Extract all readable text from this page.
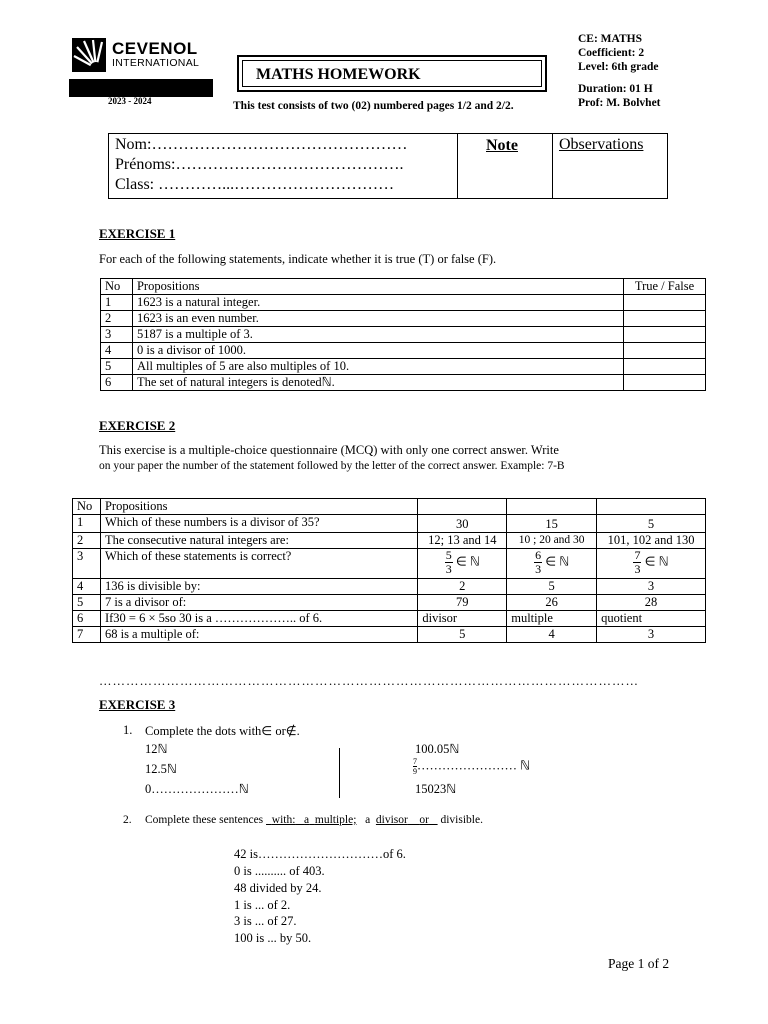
CEVENOL
INTERNATIONAL
2023 - 2024
MATHS HOMEWORK
This test consists of two (02) numbered pages 1/2 and 2/2.
CE: MATHS
Coefficient: 2
Level: 6th grade
Duration: 01 H
Prof: M. Bolvhet
Nom:…………………………………………
Prénoms:…………………………………….
Class: …………...…………………………
Note	Observations
EXERCISE 1
For each of the following statements, indicate whether it is true (T) or false (F).
No	Propositions	True / False
1	1623 is a natural integer.	
2	1623 is an even number.	
3	5187 is a multiple of 3.	
4	0 is a divisor of 1000.	
5	All multiples of 5 are also multiples of 10.	
6	The set of natural integers is denotedℕ.	
EXERCISE 2
This exercise is a multiple-choice questionnaire (MCQ) with only one correct answer. Write
on your paper the number of the statement followed by the letter of the correct answer. Example: 7-B
No	Propositions			
1	Which of these numbers is a divisor of 35?	30	15	5
2	The consecutive natural integers are:	12; 13 and 14	10 ; 20 and 30	101, 102 and 130
3	Which of these statements is correct?	$\frac{5}{3}$ ∈ ℕ	$\frac{6}{3}$ ∈ ℕ	$\frac{7}{3}$ ∈ ℕ
4	136 is divisible by:	2	5	3
5	7 is a divisor of:	79	26	28
6	If30 = 6 × 5so 30 is a ……………….. of 6.	divisor	multiple	quotient
7	68 is a multiple of:	5	4	3
…………………………………………………………………………………………………………
EXERCISE 3
1. Complete the dots with∈ or∉.
12ℕ
12.5ℕ
0…………………ℕ
100.05ℕ
$\frac{7}{9}$ …………………… ℕ
15023ℕ
2. Complete these sentences with: a multiple; a divisor or divisible.
42 is…………………………of 6.
0 is .......... of 403.
48 divided by 24.
1 is ... of 2.
3 is ... of 27.
100 is ... by 50.
Page 1 of 2
